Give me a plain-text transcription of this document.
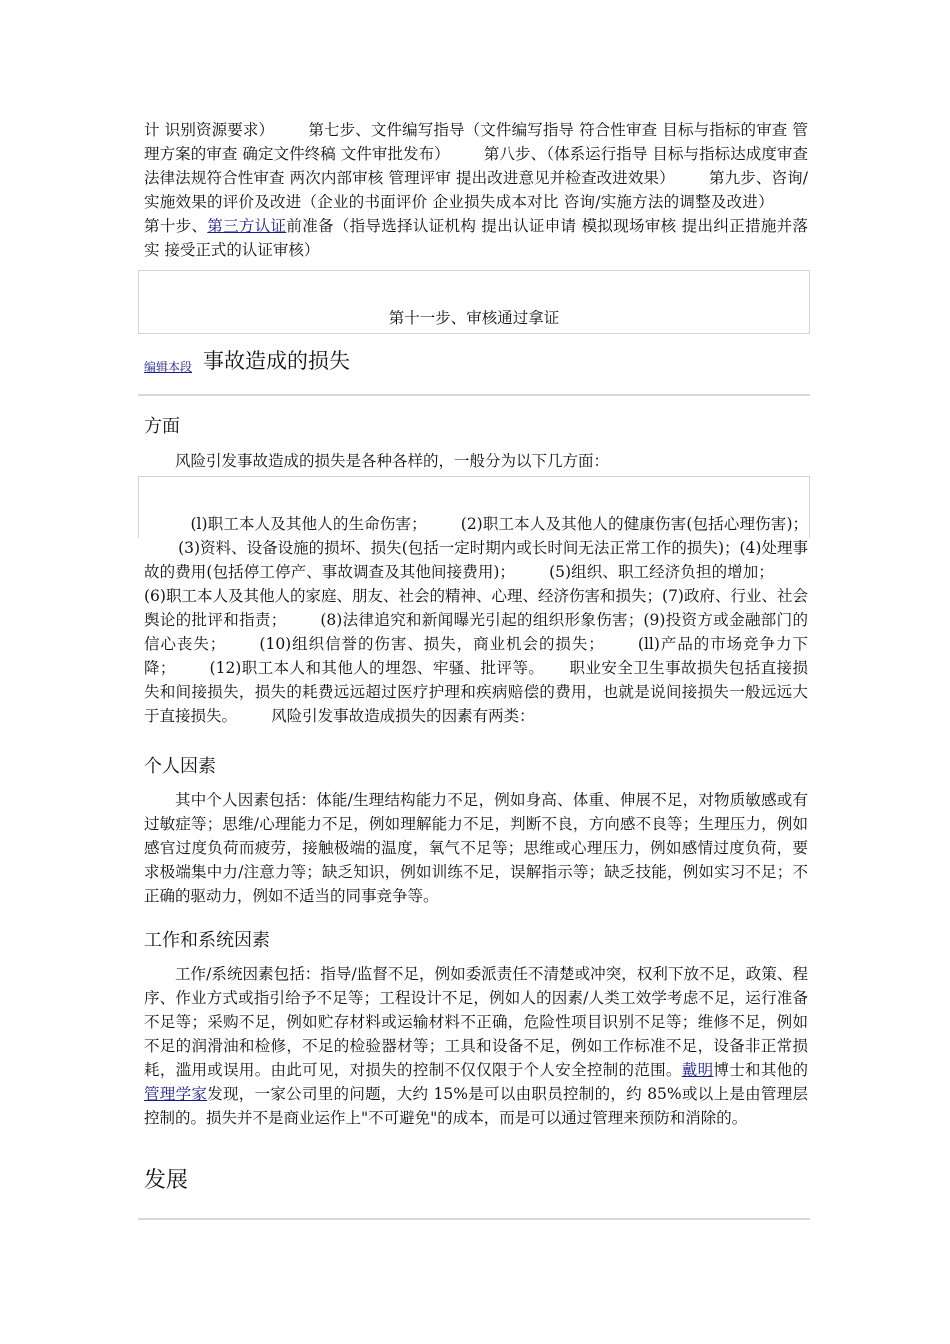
计 识别资源要求） 第七步、文件编写指导（文件编写指导 符合性审查 目标与指标的审查 管理方案的审查 确定文件终稿 文件审批发布） 第八步、（体系运行指导 目标与指标达成度审查 法律法规符合性审查 两次内部审核 管理评审 提出改进意见并检查改进效果） 第九步、咨询/实施效果的评价及改进（企业的书面评价 企业损失成本对比 咨询/实施方法的调整及改进）第十步、第三方认证前准备（指导选择认证机构 提出认证申请 模拟现场审核 提出纠正措施并落实 接受正式的认证审核）

第十一步、审核通过拿证
编辑本段 事故造成的损失
方面

风险引发事故造成的损失是各种各样的，一般分为以下几方面：

(l)职工本人及其他人的生命伤害； (2)职工本人及其他人的健康伤害(包括心理伤害)；(3)资料、设备设施的损坏、损失(包括一定时期内或长时间无法正常工作的损失)；(4)处理事故的费用(包括停工停产、事故调查及其他间接费用)； (5)组织、职工经济负担的增加；(6)职工本人及其他人的家庭、朋友、社会的精神、心理、经济伤害和损失；(7)政府、行业、社会舆论的批评和指责； (8)法律追究和新闻曝光引起的组织形象伤害；(9)投资方或金融部门的信心丧失； (10)组织信誉的伤害、损失，商业机会的损失； (ll)产品的市场竞争力下降； (12)职工本人和其他人的埋怨、牢骚、批评等。 职业安全卫生事故损失包括直接损失和间接损失，损失的耗费远远超过医疗护理和疾病赔偿的费用，也就是说间接损失一般远远大于直接损失。 风险引发事故造成损失的因素有两类：

个人因素

其中个人因素包括：体能/生理结构能力不足，例如身高、体重、伸展不足，对物质敏感或有过敏症等；思维/心理能力不足，例如理解能力不足，判断不良，方向感不良等；生理压力，例如感官过度负荷而疲劳，接触极端的温度，氧气不足等；思维或心理压力，例如感情过度负荷，要求极端集中力/注意力等；缺乏知识，例如训练不足，误解指示等；缺乏技能，例如实习不足；不正确的驱动力，例如不适当的同事竞争等。

工作和系统因素

工作/系统因素包括：指导/监督不足，例如委派责任不清楚或冲突，权利下放不足，政策、程序、作业方式或指引给予不足等；工程设计不足，例如人的因素/人类工效学考虑不足，运行准备不足等；采购不足，例如贮存材料或运输材料不正确，危险性项目识别不足等；维修不足，例如不足的润滑油和检修，不足的检验器材等；工具和设备不足，例如工作标准不足，设备非正常损耗，滥用或误用。由此可见，对损失的控制不仅仅限于个人安全控制的范围。戴明博士和其他的管理学家发现，一家公司里的问题，大约 15%是可以由职员控制的，约 85%或以上是由管理层控制的。损失并不是商业运作上"不可避免"的成本，而是可以通过管理来预防和消除的。

发展
